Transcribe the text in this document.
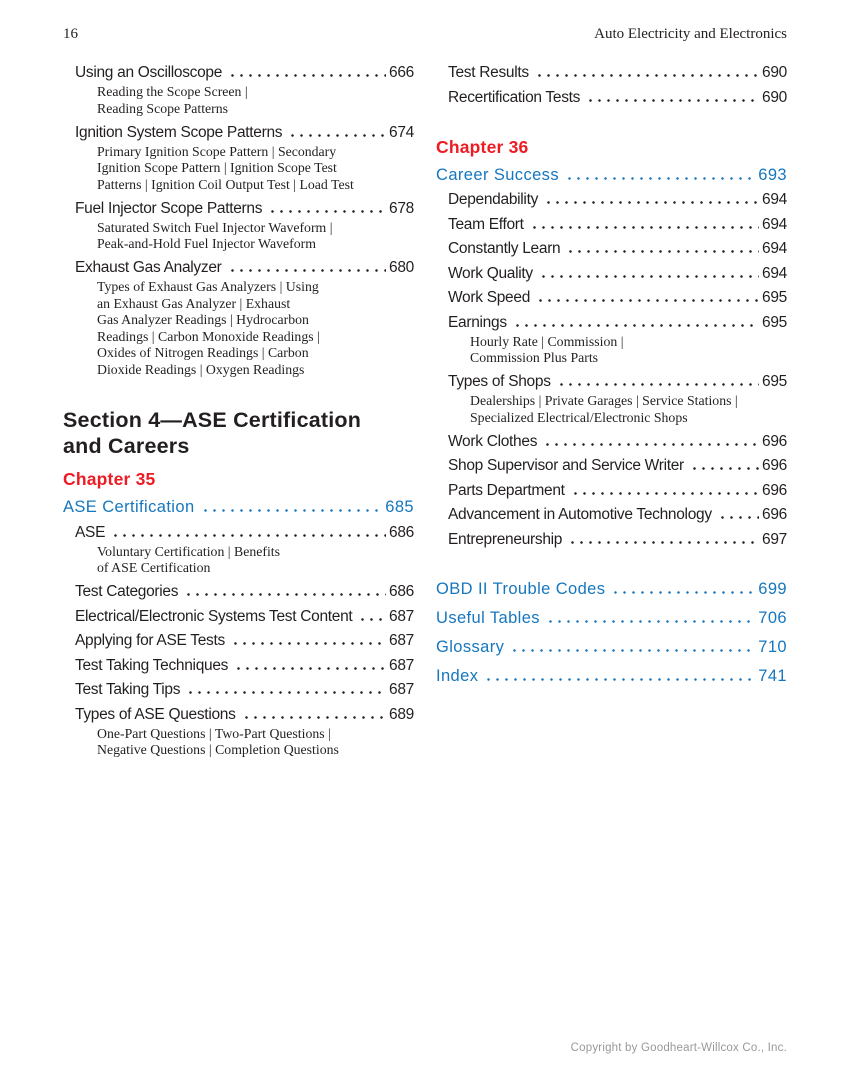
16	Auto Electricity and Electronics
Using an Oscilloscope	666
Reading the Scope Screen |
Reading Scope Patterns
Ignition System Scope Patterns	674
Primary Ignition Scope Pattern | Secondary
Ignition Scope Pattern | Ignition Scope Test
Patterns | Ignition Coil Output Test | Load Test
Fuel Injector Scope Patterns	678
Saturated Switch Fuel Injector Waveform |
Peak-and-Hold Fuel Injector Waveform
Exhaust Gas Analyzer	680
Types of Exhaust Gas Analyzers | Using
an Exhaust Gas Analyzer | Exhaust
Gas Analyzer Readings | Hydrocarbon
Readings | Carbon Monoxide Readings |
Oxides of Nitrogen Readings | Carbon
Dioxide Readings | Oxygen Readings
Section 4—ASE Certification
and Careers
Chapter 35
ASE Certification	685
ASE	686
Voluntary Certification | Benefits
of ASE Certification
Test Categories	686
Electrical/Electronic Systems Test Content 687
Applying for ASE Tests	687
Test Taking Techniques	687
Test Taking Tips	687
Types of ASE Questions	689
One-Part Questions | Two-Part Questions |
Negative Questions | Completion Questions
Test Results	690
Recertification Tests	690
Chapter 36
Career Success	693
Dependability	694
Team Effort	694
Constantly Learn	694
Work Quality	694
Work Speed	695
Earnings	695
Hourly Rate | Commission |
Commission Plus Parts
Types of Shops	695
Dealerships | Private Garages | Service Stations |
Specialized Electrical/Electronic Shops
Work Clothes	696
Shop Supervisor and Service Writer	696
Parts Department	696
Advancement in Automotive Technology	696
Entrepreneurship	697
OBD II Trouble Codes	699
Useful Tables	706
Glossary	710
Index	741
Copyright by Goodheart-Willcox Co., Inc.
